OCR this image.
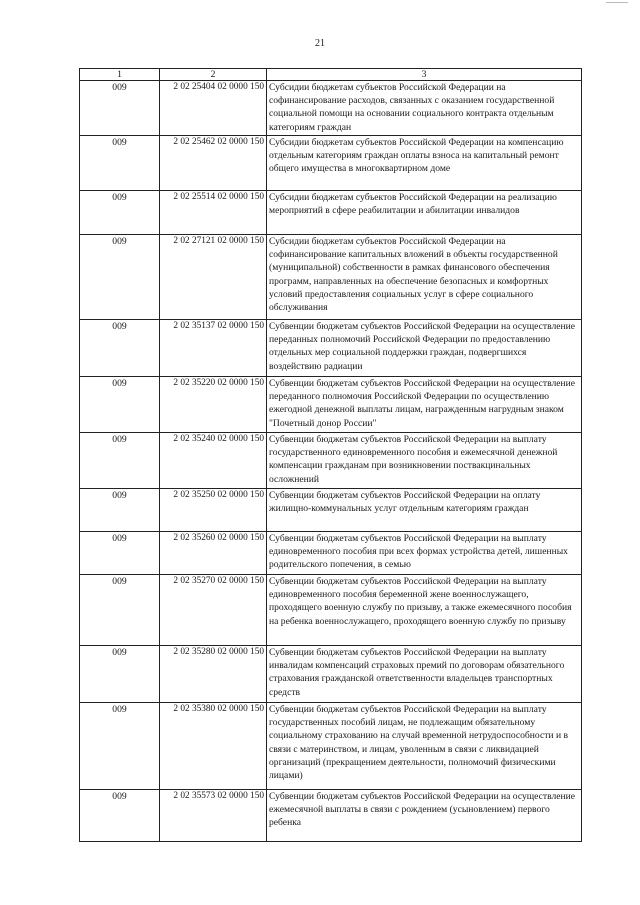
21
1	2	3
009	2 02 25404 02 0000 150	Субсидии бюджетам субъектов Российской Федерации на софинансирование расходов, связанных с оказанием государственной социальной помощи на основании социального контракта отдельным категориям граждан
009	2 02 25462 02 0000 150	Субсидии бюджетам субъектов Российской Федерации на компенсацию отдельным категориям граждан оплаты взноса на капитальный ремонт общего имущества в многоквартирном доме
009	2 02 25514 02 0000 150	Субсидии бюджетам субъектов Российской Федерации на реализацию мероприятий в сфере реабилитации и абилитации инвалидов
009	2 02 27121 02 0000 150	Субсидии бюджетам субъектов Российской Федерации на софинансирование капитальных вложений в объекты государственной (муниципальной) собственности в рамках финансового обеспечения программ, направленных на обеспечение безопасных и комфортных условий предоставления социальных услуг в сфере социального обслуживания
009	2 02 35137 02 0000 150	Субвенции бюджетам субъектов Российской Федерации на осуществление переданных полномочий Российской Федерации по предоставлению отдельных мер социальной поддержки граждан, подвергшихся воздействию радиации
009	2 02 35220 02 0000 150	Субвенции бюджетам субъектов Российской Федерации на осуществление переданного полномочия Российской Федерации по осуществлению ежегодной денежной выплаты лицам, награжденным нагрудным знаком "Почетный донор России"
009	2 02 35240 02 0000 150	Субвенции бюджетам субъектов Российской Федерации на выплату государственного единовременного пособия и ежемесячной денежной компенсации гражданам при возникновении поствакцинальных осложнений
009	2 02 35250 02 0000 150	Субвенции бюджетам субъектов Российской Федерации на оплату жилищно-коммунальных услуг отдельным категориям граждан
009	2 02 35260 02 0000 150	Субвенции бюджетам субъектов Российской Федерации на выплату единовременного пособия при всех формах устройства детей, лишенных родительского попечения, в семью
009	2 02 35270 02 0000 150	Субвенции бюджетам субъектов Российской Федерации на выплату единовременного пособия беременной жене военнослужащего, проходящего военную службу по призыву, а также ежемесячного пособия на ребенка военнослужащего, проходящего военную службу по призыву
009	2 02 35280 02 0000 150	Субвенции бюджетам субъектов Российской Федерации на выплату инвалидам компенсаций страховых премий по договорам обязательного страхования гражданской ответственности владельцев транспортных средств
009	2 02 35380 02 0000 150	Субвенции бюджетам субъектов Российской Федерации на выплату государственных пособий лицам, не подлежащим обязательному социальному страхованию на случай временной нетрудоспособности и в связи с материнством, и лицам, уволенным в связи с ликвидацией организаций (прекращением деятельности, полномочий физическими лицами)
009	2 02 35573 02 0000 150	Субвенции бюджетам субъектов Российской Федерации на осуществление ежемесячной выплаты в связи с рождением (усыновлением) первого ребенка
